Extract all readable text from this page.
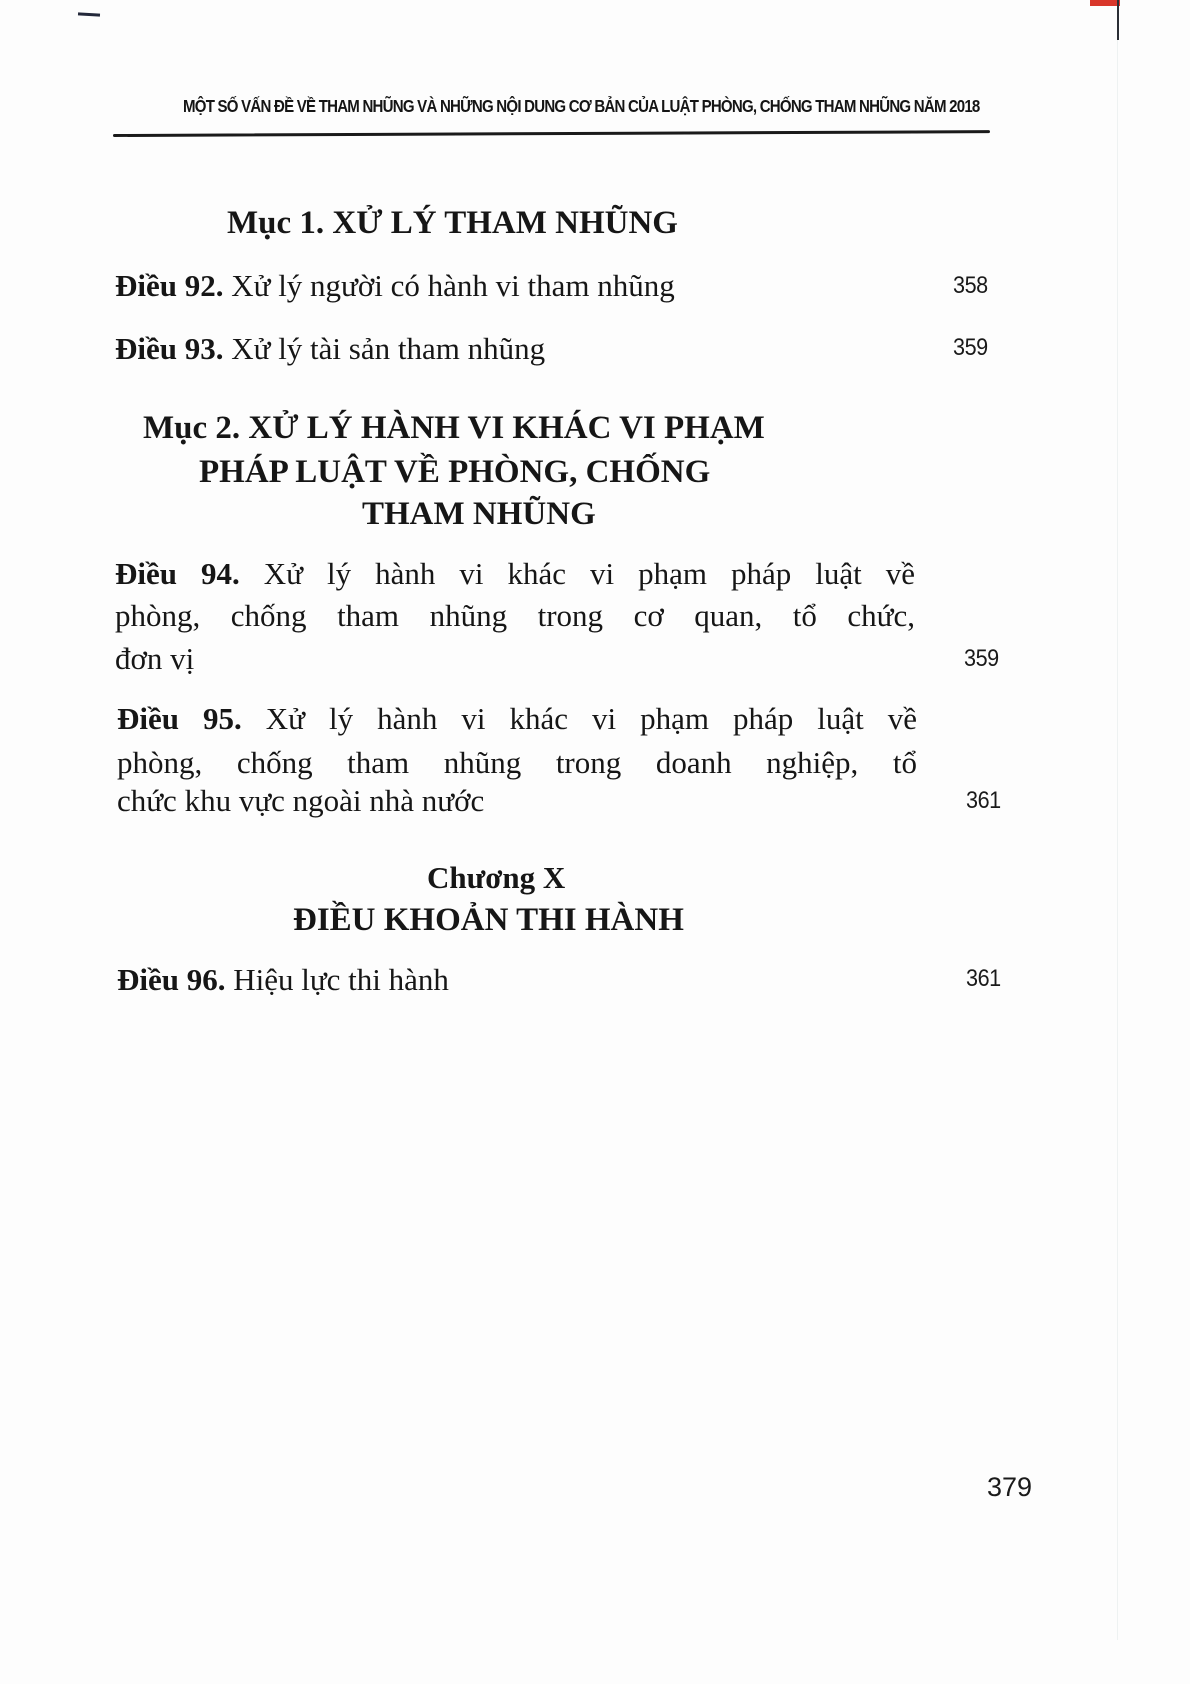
MỘT SỐ VẤN ĐỀ VỀ THAM NHŨNG VÀ NHỮNG NỘI DUNG CƠ BẢN CỦA LUẬT PHÒNG, CHỐNG THAM NHŨNG NĂM 2018
Mục 1. XỬ LÝ THAM NHŨNG
Điều 92. Xử lý người có hành vi tham nhũng	358
Điều 93. Xử lý tài sản tham nhũng	359
Mục 2. XỬ LÝ HÀNH VI KHÁC VI PHẠM
PHÁP LUẬT VỀ PHÒNG, CHỐNG
THAM NHŨNG
Điều 94. Xử lý hành vi khác vi phạm pháp luật về
phòng, chống tham nhũng trong cơ quan, tổ chức,
đơn vị	359
Điều 95. Xử lý hành vi khác vi phạm pháp luật về
phòng, chống tham nhũng trong doanh nghiệp, tổ
chức khu vực ngoài nhà nước	361
Chương X
ĐIỀU KHOẢN THI HÀNH
Điều 96. Hiệu lực thi hành	361
379
